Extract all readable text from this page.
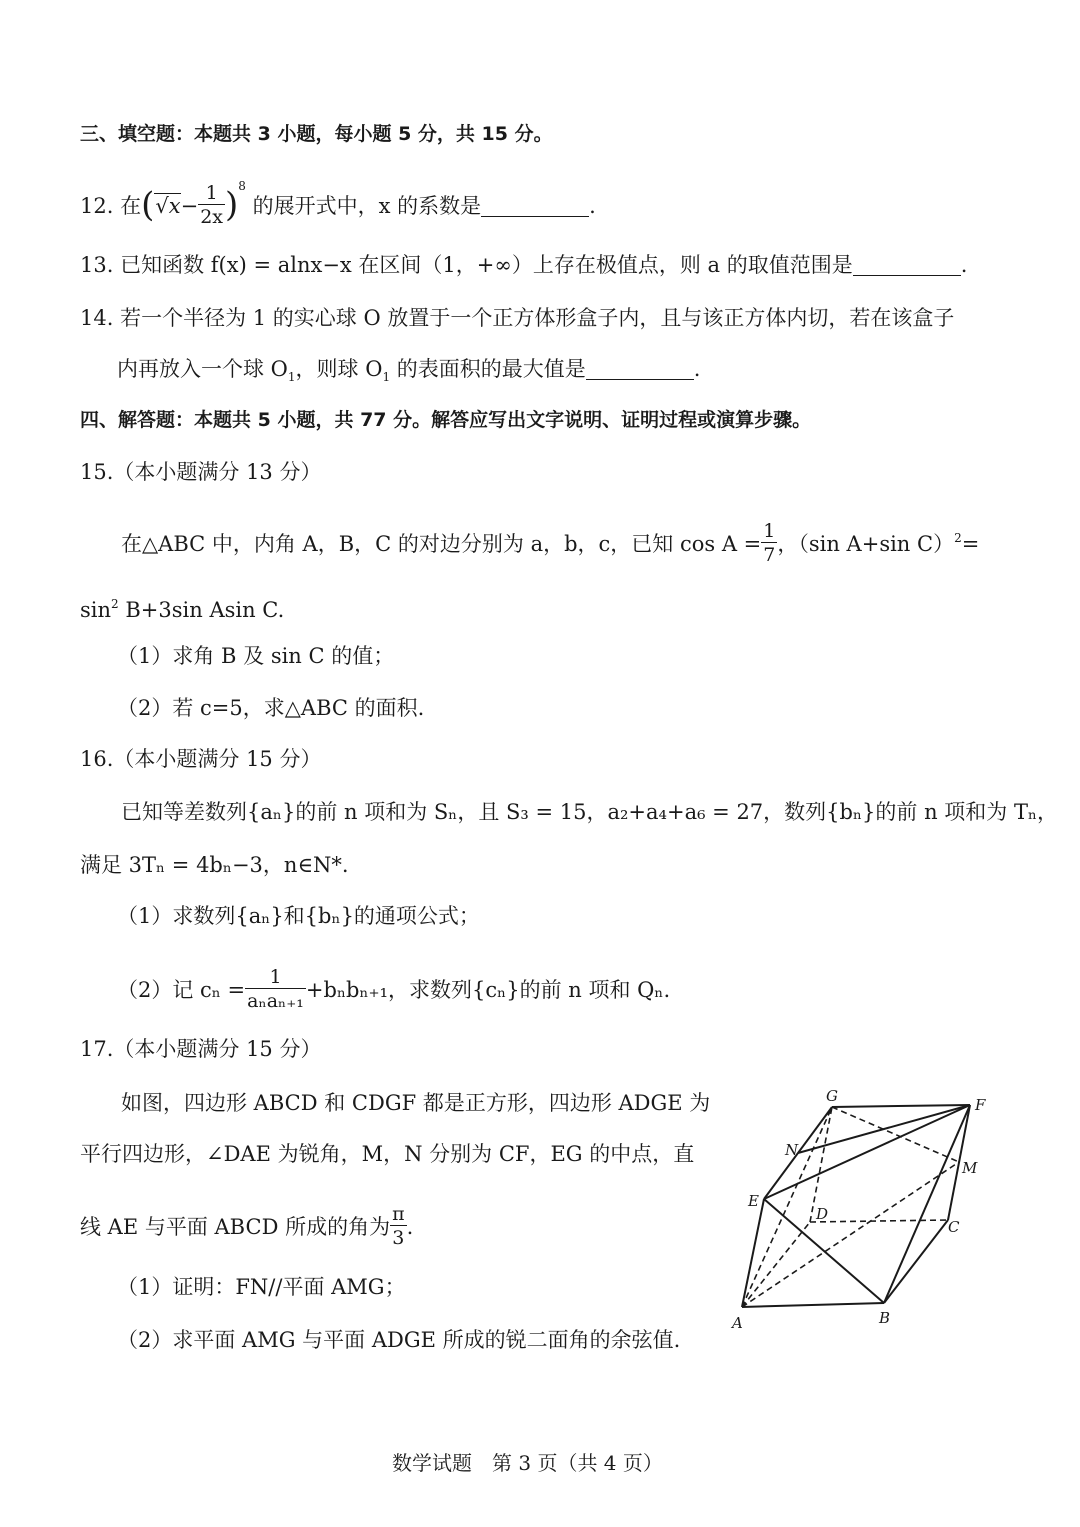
三、填空题：本题共 3 小题，每小题 5 分，共 15 分。
12. 在$(√x- \frac{1}{2x} )^8$ 的展开式中，x 的系数是	.
13. 已知函数 f(x) = alnx−x 在区间（1，+∞）上存在极值点，则 a 的取值范围是	.
14. 若一个半径为 1 的实心球 O 放置于一个正方体形盒子内，且与该正方体内切，若在该盒子
内再放入一个球 $O_1$，则球 $O_1$ 的表面积的最大值是	.
四、解答题：本题共 5 小题，共 77 分。解答应写出文字说明、证明过程或演算步骤。
15.（本小题满分 13 分）
在△ABC 中，内角 A，B，C 的对边分别为 a，b，c，已知 $\cos A = \frac{1}{7}$ ，（sin A+sin C）$^2$=
$\sin^2 B+3\sin$ Asin C.
（1）求角 B 及 sin C 的值；
（2）若 c=5，求△ABC 的面积.
16.（本小题满分 15 分）
已知等差数列{aₙ}的前 n 项和为 Sₙ，且 S₃ = 15，a₂+a₄+a₆ = 27，数列{bₙ}的前 n 项和为 Tₙ，
满足 3Tₙ = 4bₙ−3，n∈N*.
（1）求数列{aₙ}和{bₙ}的通项公式；
（2）记 $c_n = \frac{1}{\text{aₙaₙ₊₁}} +b_nb_{n+1}$，求数列{cₙ}的前 n 项和 Qₙ.
17.（本小题满分 15 分）
如图，四边形 ABCD 和 CDGF 都是正方形，四边形 ADGE 为
平行四边形，∠DAE 为锐角，M，N 分别为 CF，EG 的中点，直
线 AE 与平面 ABCD 所成的角为 $\frac{\pi}{3}$ .
（1）证明：FN//平面 AMG；
（2）求平面 AMG 与平面 ADGE 所成的锐二面角的余弦值.
G	F
N
M
E
D
C
A	B
数学试题　第 3 页（共 4 页）
